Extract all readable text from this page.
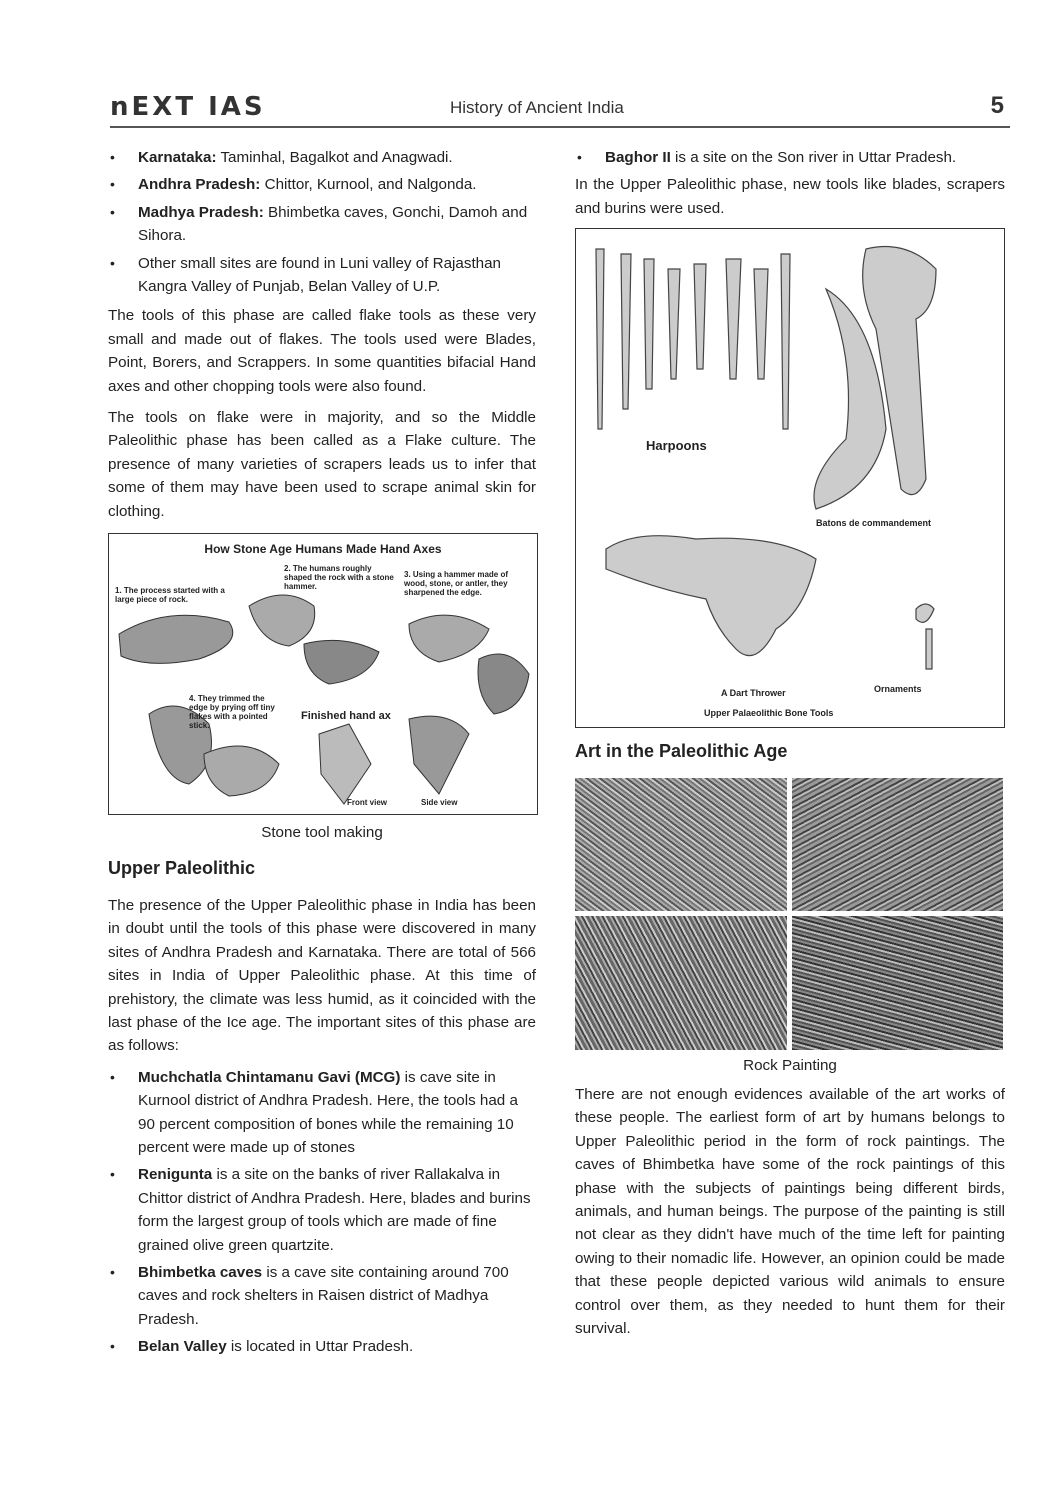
nEXT IAS	History of Ancient India	5
• Karnataka: Taminhal, Bagalkot and Anagwadi.
• Andhra Pradesh: Chittor, Kurnool, and Nalgonda.
• Madhya Pradesh: Bhimbetka caves, Gonchi, Damoh and Sihora.
• Other small sites are found in Luni valley of Rajasthan Kangra Valley of Punjab, Belan Valley of U.P.

The tools of this phase are called flake tools as these very small and made out of flakes. The tools used were Blades, Point, Borers, and Scrappers. In some quantities bifacial Hand axes and other chopping tools were also found.

The tools on flake were in majority, and so the Middle Paleolithic phase has been called as a Flake culture. The presence of many varieties of scrapers leads us to infer that some of them may have been used to scrape animal skin for clothing.

How Stone Age Humans Made Hand Axes
1. The process started with a large piece of rock.
2. The humans roughly shaped the rock with a stone hammer.
3. Using a hammer made of wood, stone, or antler, they sharpened the edge.
4. They trimmed the edge by prying off tiny flakes with a pointed stick.
Finished hand ax
Front view	Side view
Stone tool making
Upper Paleolithic

The presence of the Upper Paleolithic phase in India has been in doubt until the tools of this phase were discovered in many sites of Andhra Pradesh and Karnataka. There are total of 566 sites in India of Upper Paleolithic phase. At this time of prehistory, the climate was less humid, as it coincided with the last phase of the Ice age. The important sites of this phase are as follows:

• Muchchatla Chintamanu Gavi (MCG) is cave site in Kurnool district of Andhra Pradesh. Here, the tools had a 90 percent composition of bones while the remaining 10 percent were made up of stones
• Renigunta is a site on the banks of river Rallakalva in Chittor district of Andhra Pradesh. Here, blades and burins form the largest group of tools which are made of fine grained olive green quartzite.
• Bhimbetka caves is a cave site containing around 700 caves and rock shelters in Raisen district of Madhya Pradesh.
• Belan Valley is located in Uttar Pradesh.
• Baghor II is a site on the Son river in Uttar Pradesh.

In the Upper Paleolithic phase, new tools like blades, scrapers and burins were used.

Harpoons
Batons de commandement
A Dart Thrower	Ornaments
Upper Palaeolithic Bone Tools
Art in the Paleolithic Age
Rock Painting

There are not enough evidences available of the art works of these people. The earliest form of art by humans belongs to Upper Paleolithic period in the form of rock paintings. The caves of Bhimbetka have some of the rock paintings of this phase with the subjects of paintings being different birds, animals, and human beings. The purpose of the painting is still not clear as they didn't have much of the time left for painting owing to their nomadic life. However, an opinion could be made that these people depicted various wild animals to ensure control over them, as they needed to hunt them for their survival.
